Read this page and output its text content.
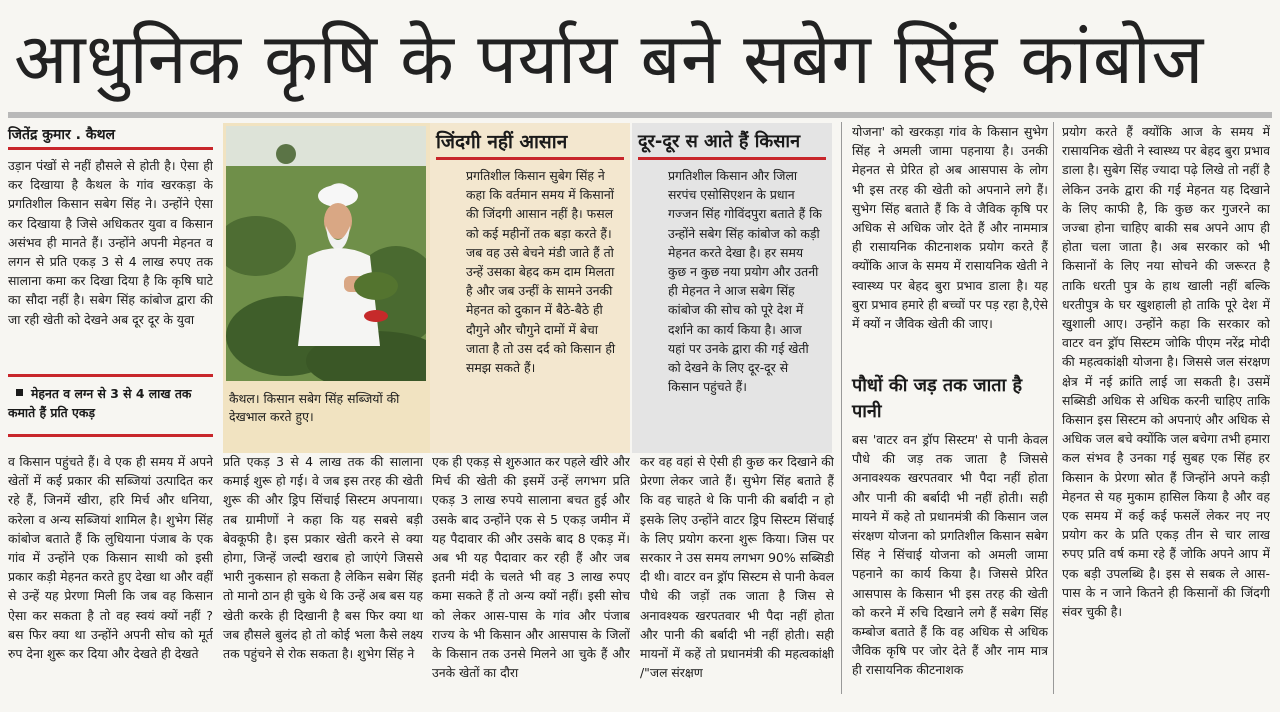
आधुनिक कृषि के पर्याय बने सबेग सिंह कांबोज
जितेंद्र कुमार . कैथल

उड़ान पंखों से नहीं हौसले से होती है। ऐसा ही कर दिखाया है कैथल के गांव खरकड़ा के प्रगतिशील किसान सबेग सिंह ने। उन्होंने ऐसा कर दिखाया है जिसे अधिकतर युवा व किसान असंभव ही मानते हैं। उन्होंने अपनी मेहनत व लगन से प्रति एकड़ 3 से 4 लाख रुपए तक सालाना कमा कर दिखा दिया है कि कृषि घाटे का सौदा नहीं है। सबेग सिंह कांबोज द्वारा की जा रही खेती को देखने अब दूर दूर के युवा

मेहनत व लग्न से 3 से 4 लाख तक कमाते हैं प्रति एकड़
कैथल। किसान सबेग सिंह सब्जियों की देखभाल करते हुए।
जिंदगी नहीं आसान
प्रगतिशील किसान सुबेग सिंह ने कहा कि वर्तमान समय में किसानों की जिंदगी आसान नहीं है। फसल को कई महीनों तक बड़ा करते हैं। जब वह उसे बेचने मंडी जाते हैं तो उन्हें उसका बेहद कम दाम मिलता है और जब उन्हीं के सामने उनकी मेहनत को दुकान में बैठे-बैठे ही दौगुने और चौगुने दामों में बेचा जाता है तो उस दर्द को किसान ही समझ सकते हैं।
दूर-दूर स आते हैं किसान
प्रगतिशील किसान और जिला सरपंच एसोसिएशन के प्रधान गज्जन सिंह गोविंदपुरा बताते हैं कि उन्होंने सबेग सिंह कांबोज को कड़ी मेहनत करते देखा है। हर समय कुछ न कुछ नया प्रयोग और उतनी ही मेहनत ने आज सबेग सिंह कांबोज की सोच को पूरे देश में दर्शाने का कार्य किया है। आज यहां पर उनके द्वारा की गई खेती को देखने के लिए दूर-दूर से किसान पहुंचते हैं।

योजना' को खरकड़ा गांव के किसान सुभेग सिंह ने अमली जामा पहनाया है। उनकी मेहनत से प्रेरित हो अब आसपास के लोग भी इस तरह की खेती को अपनाने लगे हैं। सुभेग सिंह बताते हैं कि वे जैविक कृषि पर अधिक से अधिक जोर देते हैं और नाममात्र ही रासायनिक कीटनाशक प्रयोग करते हैं क्योंकि आज के समय में रासायनिक खेती ने स्वास्थ्य पर बेहद बुरा प्रभाव डाला है। यह बुरा प्रभाव हमारे ही बच्चों पर पड़ रहा है,ऐसे में क्यों न जैविक खेती की जाए।

पौधों की जड़ तक जाता है पानी

बस 'वाटर वन ड्रॉप सिस्टम' से पानी केवल पौधे की जड़ तक जाता है जिससे अनावश्यक खरपतवार भी पैदा नहीं होता और पानी की बर्बादी भी नहीं होती। सही मायने में कहे तो प्रधानमंत्री की किसान जल संरक्षण योजना को प्रगतिशील किसान सबेग सिंह ने सिंचाई योजना को अमली जामा पहनाने का कार्य किया है। जिससे प्रेरित आसपास के किसान भी इस तरह की खेती को करने में रुचि दिखाने लगे हैं सबेग सिंह कम्बोज बताते हैं कि वह अधिक से अधिक जैविक कृषि पर जोर देते हैं और नाम मात्र ही रासायनिक कीटनाशक

प्रयोग करते हैं क्योंकि आज के समय में रासायनिक खेती ने स्वास्थ्य पर बेहद बुरा प्रभाव डाला है। सुबेग सिंह ज्यादा पढ़े लिखे तो नहीं है लेकिन उनके द्वारा की गई मेहनत यह दिखाने के लिए काफी है, कि कुछ कर गुजरने का जज्बा होना चाहिए बाकी सब अपने आप ही होता चला जाता है। अब सरकार को भी किसानों के लिए नया सोचने की जरूरत है ताकि धरती पुत्र के हाथ खाली नहीं बल्कि धरतीपुत्र के घर खुशहाली हो ताकि पूरे देश में खुशाली आए। उन्होंने कहा कि सरकार को वाटर वन ड्रॉप सिस्टम जोकि पीएम नरेंद्र मोदी की महत्वकांक्षी योजना है। जिससे जल संरक्षण क्षेत्र में नई क्रांति लाई जा सकती है। उसमें सब्सिडी अधिक से अधिक करनी चाहिए ताकि किसान इस सिस्टम को अपनाएं और अधिक से अधिक जल बचे क्योंकि जल बचेगा तभी हमारा कल संभव है उनका गई सुबह एक सिंह हर किसान के प्रेरणा स्रोत हैं जिन्होंने अपने कड़ी मेहनत से यह मुकाम हासिल किया है और वह एक समय में कई कई फसलें लेकर नए नए प्रयोग कर के प्रति एकड़ तीन से चार लाख रुपए प्रति वर्ष कमा रहे हैं जोकि अपने आप में एक बड़ी उपलब्धि है। इस से सबक ले आस-पास के न जाने कितने ही किसानों की जिंदगी संवर चुकी है।

व किसान पहुंचते हैं। वे एक ही समय में अपने खेतों में कई प्रकार की सब्जियां उत्पादित कर रहे हैं, जिनमें खीरा, हरि मिर्च और धनिया, करेला व अन्य सब्जियां शामिल है। शुभेग सिंह कांबोज बताते हैं कि लुधियाना पंजाब के एक गांव में उन्होंने एक किसान साथी को इसी प्रकार कड़ी मेहनत करते हुए देखा था और वहीं से उन्हें यह प्रेरणा मिली कि जब वह किसान ऐसा कर सकता है तो वह स्वयं क्यों नहीं ? बस फिर क्या था उन्होंने अपनी सोच को मूर्त रुप देना शुरू कर दिया और देखते ही देखते

प्रति एकड़ 3 से 4 लाख तक की सालाना कमाई शुरू हो गई। वे जब इस तरह की खेती शुरू की और ड्रिप सिंचाई सिस्टम अपनाया। तब ग्रामीणों ने कहा कि यह सबसे बड़ी बेवकूफी है। इस प्रकार खेती करने से क्या होगा, जिन्हें जल्दी खराब हो जाएंगे जिससे भारी नुकसान हो सकता है लेकिन सबेग सिंह तो मानो ठान ही चुके थे कि उन्हें अब बस यह खेती करके ही दिखानी है बस फिर क्या था जब हौसले बुलंद हो तो कोई भला कैसे लक्ष्य तक पहुंचने से रोक सकता है। शुभेग सिंह ने

एक ही एकड़ से शुरुआत कर पहले खीरे और मिर्च की खेती की इसमें उन्हें लगभग प्रति एकड़ 3 लाख रुपये सालाना बचत हुई और उसके बाद उन्होंने एक से 5 एकड़ जमीन में यह पैदावार की और उसके बाद 8 एकड़ में। अब भी यह पैदावार कर रही हैं और जब इतनी मंदी के चलते भी वह 3 लाख रुपए कमा सकते हैं तो अन्य क्यों नहीं। इसी सोच को लेकर आस-पास के गांव और पंजाब राज्य के भी किसान और आसपास के जिलों के किसान तक उनसे मिलने आ चुके हैं और उनके खेतों का दौरा

कर वह वहां से ऐसी ही कुछ कर दिखाने की प्रेरणा लेकर जाते हैं। सुभेग सिंह बताते हैं कि वह चाहते थे कि पानी की बर्बादी न हो इसके लिए उन्होंने वाटर ड्रिप सिस्टम सिंचाई के लिए प्रयोग करना शुरू किया। जिस पर सरकार ने उस समय लगभग 90% सब्सिडी दी थी। वाटर वन ड्रॉप सिस्टम से पानी केवल पौधे की जड़ों तक जाता है जिस से अनावश्यक खरपतवार भी पैदा नहीं होता और पानी की बर्बादी भी नहीं होती। सही मायनों में कहें तो प्रधानमंत्री की महत्वकांक्षी /"जल संरक्षण
